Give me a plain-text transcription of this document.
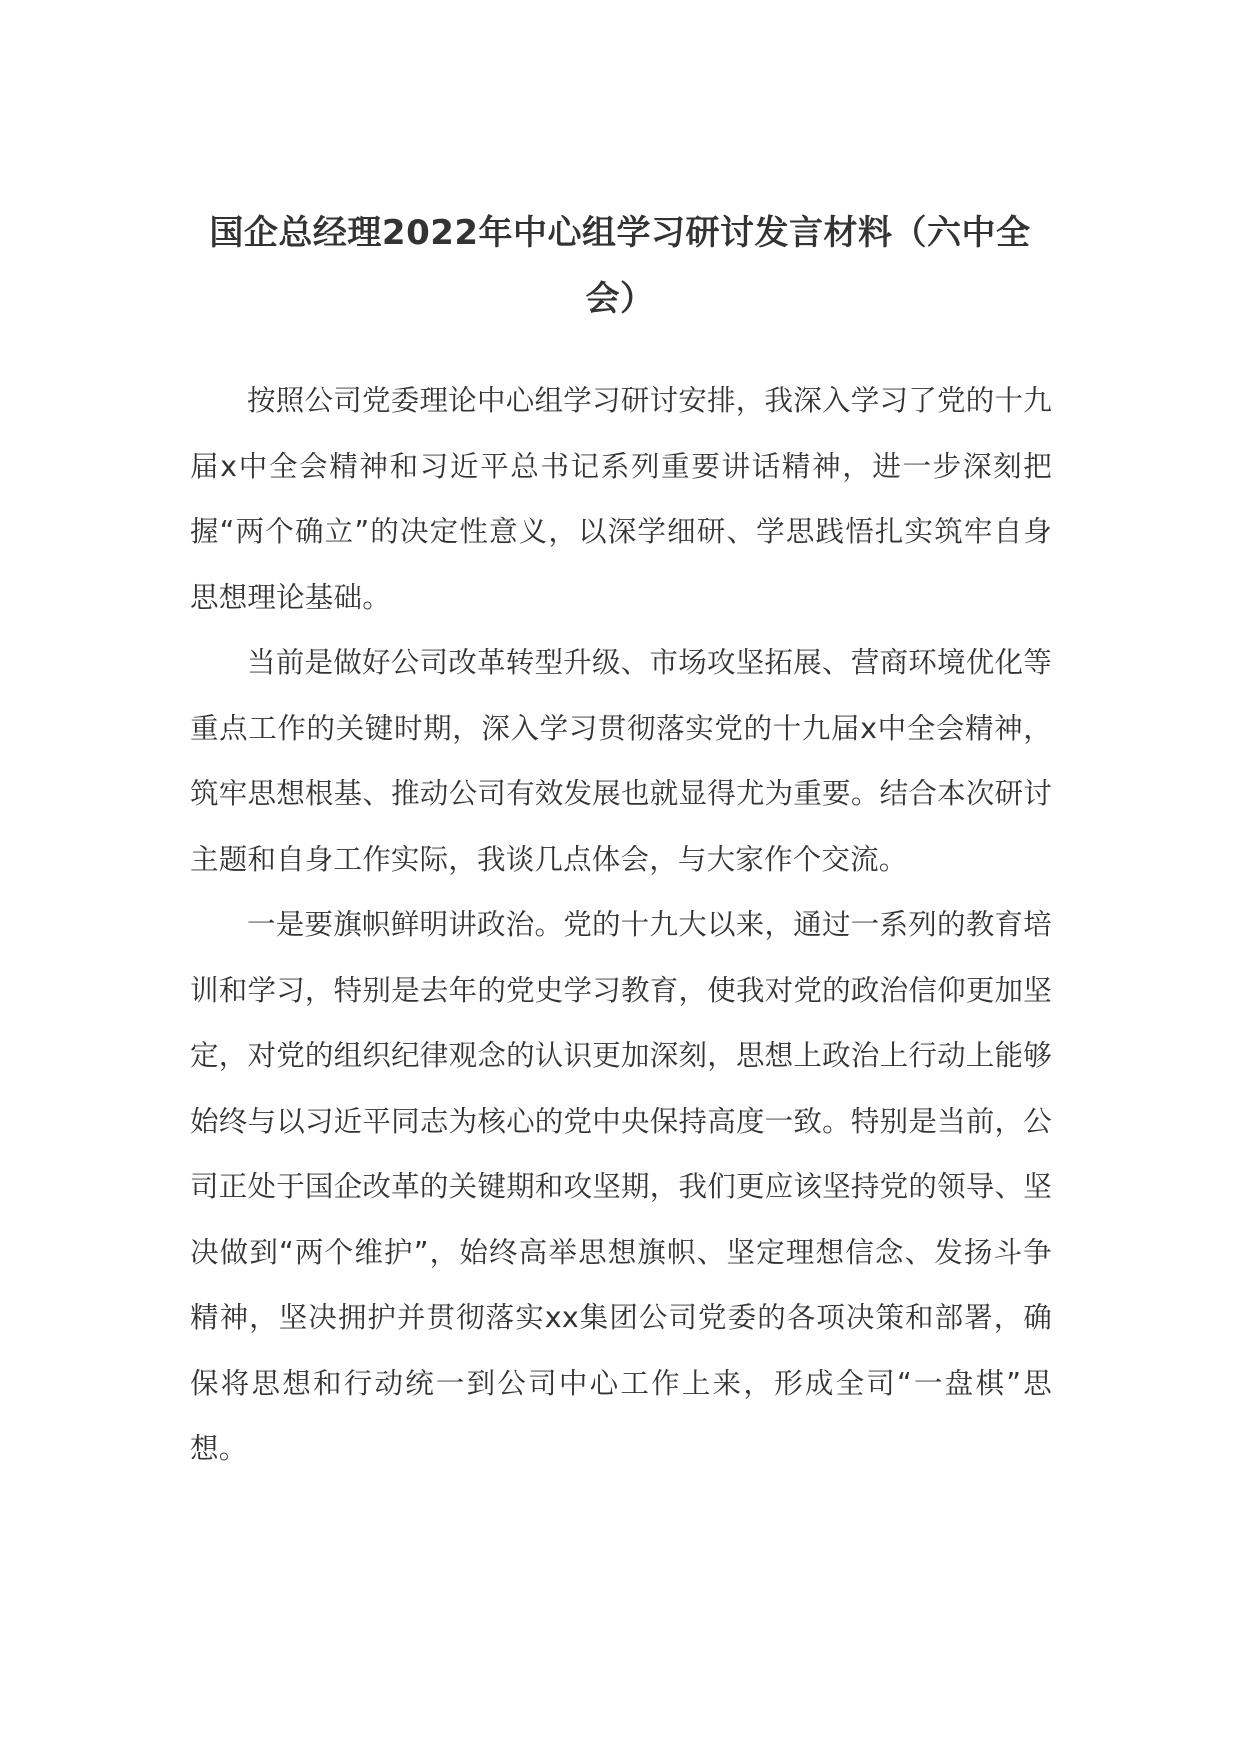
国企总经理2022年中心组学习研讨发言材料（六中全会）

按照公司党委理论中心组学习研讨安排，我深入学习了党的十九届x中全会精神和习近平总书记系列重要讲话精神，进一步深刻把握“两个确立”的决定性意义，以深学细研、学思践悟扎实筑牢自身思想理论基础。

当前是做好公司改革转型升级、市场攻坚拓展、营商环境优化等重点工作的关键时期，深入学习贯彻落实党的十九届x中全会精神，筑牢思想根基、推动公司有效发展也就显得尤为重要。结合本次研讨主题和自身工作实际，我谈几点体会，与大家作个交流。

一是要旗帜鲜明讲政治。党的十九大以来，通过一系列的教育培训和学习，特别是去年的党史学习教育，使我对党的政治信仰更加坚定，对党的组织纪律观念的认识更加深刻，思想上政治上行动上能够始终与以习近平同志为核心的党中央保持高度一致。特别是当前，公司正处于国企改革的关键期和攻坚期，我们更应该坚持党的领导、坚决做到“两个维护”，始终高举思想旗帜、坚定理想信念、发扬斗争精神，坚决拥护并贯彻落实xx集团公司党委的各项决策和部署，确保将思想和行动统一到公司中心工作上来，形成全司“一盘棋”思想。
